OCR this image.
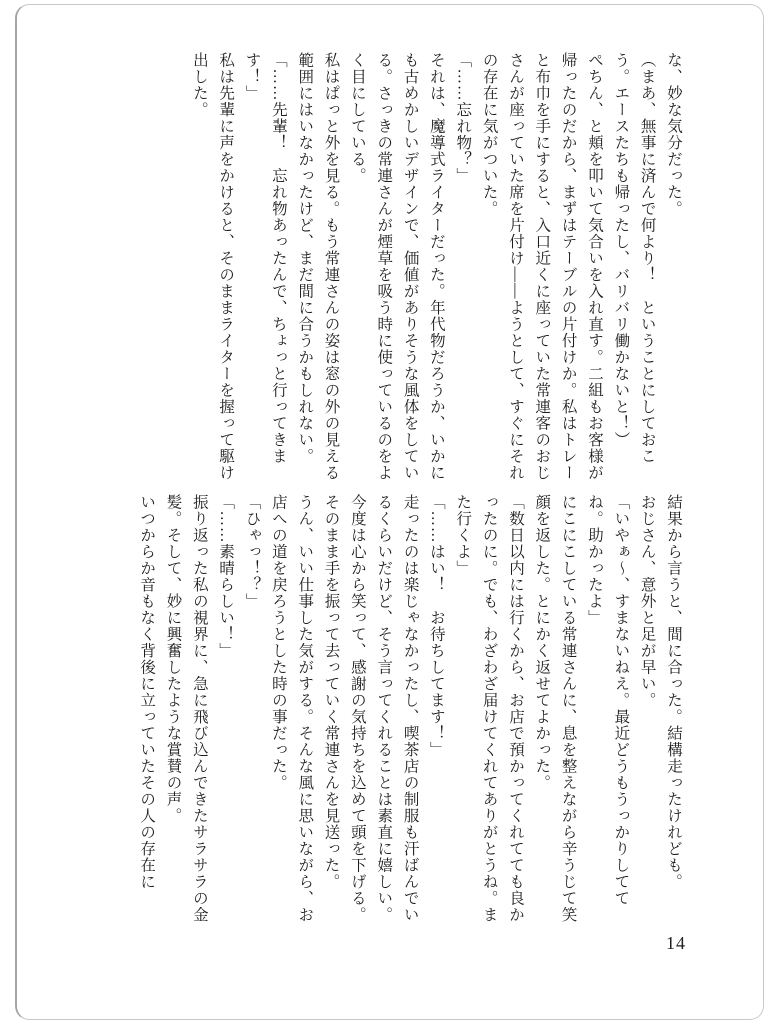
な、妙な気分だった。

（まあ、無事に済んで何より！　ということにしておこう。エースたちも帰ったし、バリバリ働かないと！）

ぺちん、と頬を叩いて気合いを入れ直す。二組もお客様が帰ったのだから、まずはテーブルの片付けか。私はトレーと布巾を手にすると、入口近くに座っていた常連客のおじさんが座っていた席を片付け――ようとして、すぐにそれの存在に気がついた。

「……忘れ物？」

それは、魔導式ライターだった。年代物だろうか、いかにも古めかしいデザインで、価値がありそうな風体をしている。さっきの常連さんが煙草を吸う時に使っているのをよく目にしている。

私はぱっと外を見る。もう常連さんの姿は窓の外の見える範囲にはいなかったけど、まだ間に合うかもしれない。

「……先輩！　忘れ物あったんで、ちょっと行ってきます！」

私は先輩に声をかけると、そのままライターを握って駆け出した。

結果から言うと、間に合った。結構走ったけれども。

おじさん、意外と足が早い。

「いやぁ〜、すまないねえ。最近どうもうっかりしててね。助かったよ」

にこにこしている常連さんに、息を整えながら辛うじて笑顔を返した。とにかく返せてよかった。

「数日以内には行くから、お店で預かってくれてても良かったのに。でも、わざわざ届けてくれてありがとうね。また行くよ」

「……はい！　お待ちしてます！」

走ったのは楽じゃなかったし、喫茶店の制服も汗ばんでいるくらいだけど、そう言ってくれることは素直に嬉しい。今度は心から笑って、感謝の気持ちを込めて頭を下げる。そのまま手を振って去っていく常連さんを見送った。

うん、いい仕事した気がする。そんな風に思いながら、お店への道を戻ろうとした時の事だった。

「ひゃっ！？」

「……素晴らしい！」

振り返った私の視界に、急に飛び込んできたサラサラの金髪。そして、妙に興奮したような賞賛の声。

いつからか音もなく背後に立っていたその人の存在に

14
